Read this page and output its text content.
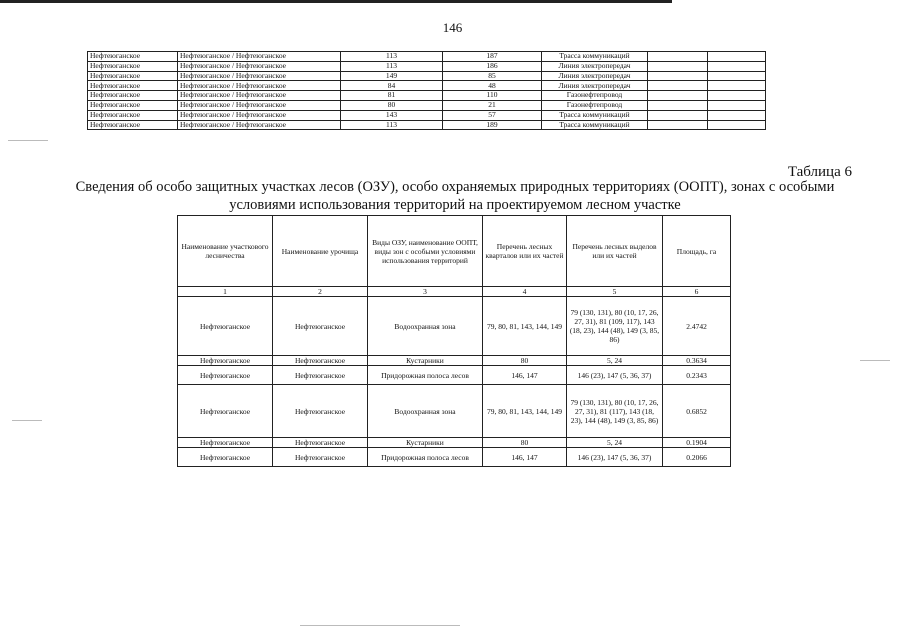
146
Нефтеюганское	Нефтеюганское / Нефтеюганское	113	187	Трасса коммуникаций		
Нефтеюганское	Нефтеюганское / Нефтеюганское	113	186	Линия электропередач		
Нефтеюганское	Нефтеюганское / Нефтеюганское	149	85	Линия электропередач		
Нефтеюганское	Нефтеюганское / Нефтеюганское	84	48	Линия электропередач		
Нефтеюганское	Нефтеюганское / Нефтеюганское	81	110	Газонефтепровод		
Нефтеюганское	Нефтеюганское / Нефтеюганское	80	21	Газонефтепровод		
Нефтеюганское	Нефтеюганское / Нефтеюганское	143	57	Трасса коммуникаций		
Нефтеюганское	Нефтеюганское / Нефтеюганское	113	189	Трасса коммуникаций		
Таблица 6
Сведения об особо защитных участках лесов (ОЗУ), особо охраняемых природных территориях (ООПТ), зонах с особыми
условиями использования территорий на проектируемом лесном участке
Наименование участкового лесничества	Наименование урочища	Виды ОЗУ, наименование ООПТ, виды зон с особыми условиями использования территорий	Перечень лесных кварталов или их частей	Перечень лесных выделов или их частей	Площадь, га
1	2	3	4	5	6
Нефтеюганское	Нефтеюганское	Водоохранная зона	79, 80, 81, 143, 144, 149	79 (130, 131), 80 (10, 17, 26, 27, 31), 81 (109, 117), 143 (18, 23), 144 (48), 149 (3, 85, 86)	2.4742
Нефтеюганское	Нефтеюганское	Кустарники	80	5, 24	0.3634
Нефтеюганское	Нефтеюганское	Придорожная полоса лесов	146, 147	146 (23), 147 (5, 36, 37)	0.2343
Нефтеюганское	Нефтеюганское	Водоохранная зона	79, 80, 81, 143, 144, 149	79 (130, 131), 80 (10, 17, 26, 27, 31), 81 (117), 143 (18, 23), 144 (48), 149 (3, 85, 86)	0.6852
Нефтеюганское	Нефтеюганское	Кустарники	80	5, 24	0.1904
Нефтеюганское	Нефтеюганское	Придорожная полоса лесов	146, 147	146 (23), 147 (5, 36, 37)	0.2066
